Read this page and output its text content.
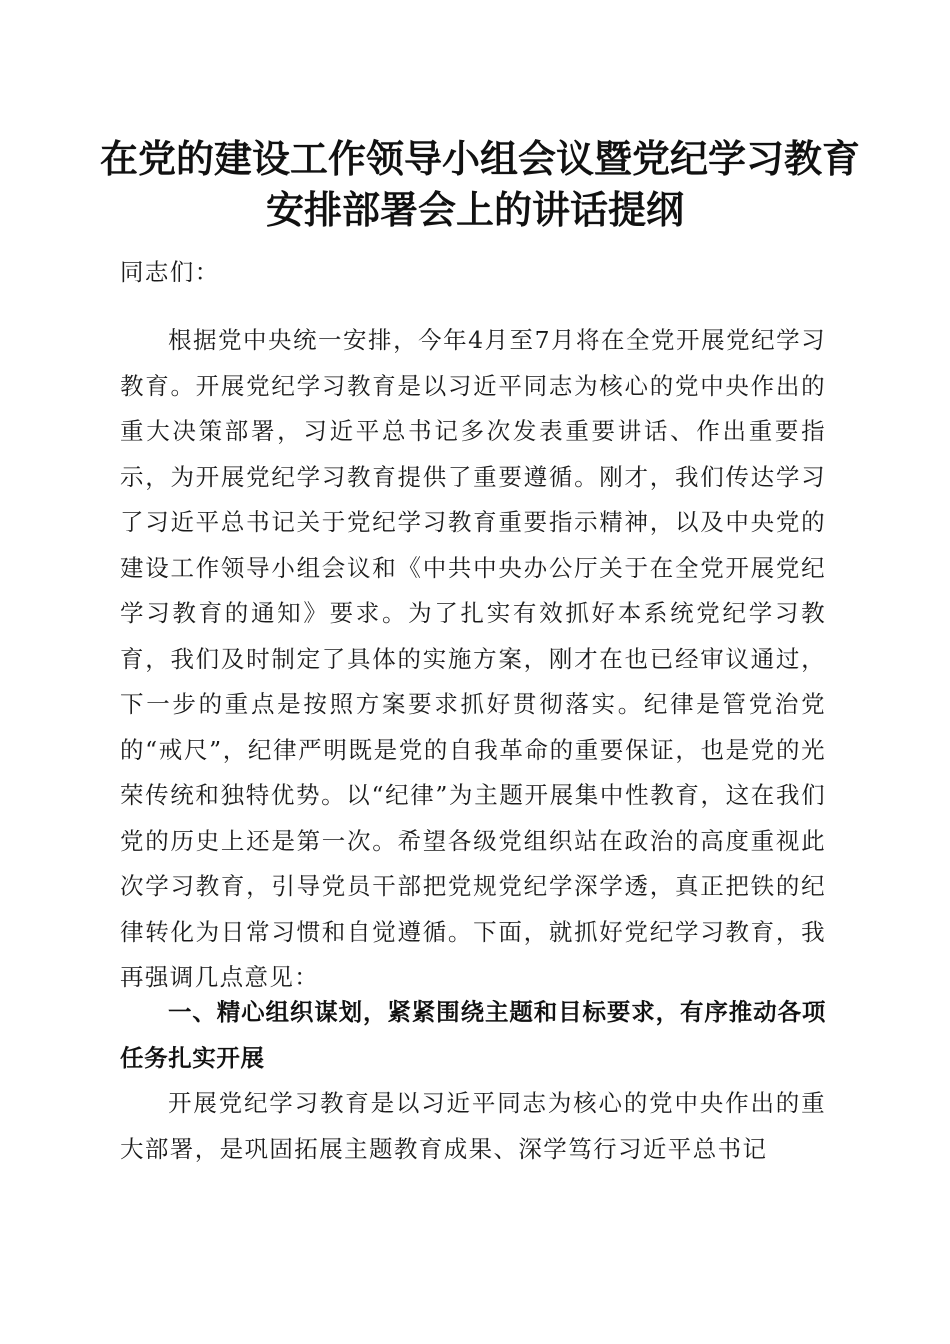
在党的建设工作领导小组会议暨党纪学习教育
安排部署会上的讲话提纲

同志们：

根据党中央统一安排，今年4月至7月将在全党开展党纪学习教育。开展党纪学习教育是以习近平同志为核心的党中央作出的重大决策部署，习近平总书记多次发表重要讲话、作出重要指示，为开展党纪学习教育提供了重要遵循。刚才，我们传达学习了习近平总书记关于党纪学习教育重要指示精神，以及中央党的建设工作领导小组会议和《中共中央办公厅关于在全党开展党纪学习教育的通知》要求。为了扎实有效抓好本系统党纪学习教育，我们及时制定了具体的实施方案，刚才在也已经审议通过，下一步的重点是按照方案要求抓好贯彻落实。纪律是管党治党的“戒尺”，纪律严明既是党的自我革命的重要保证，也是党的光荣传统和独特优势。以“纪律”为主题开展集中性教育，这在我们党的历史上还是第一次。希望各级党组织站在政治的高度重视此次学习教育，引导党员干部把党规党纪学深学透，真正把铁的纪律转化为日常习惯和自觉遵循。下面，就抓好党纪学习教育，我再强调几点意见：

一、精心组织谋划，紧紧围绕主题和目标要求，有序推动各项任务扎实开展

开展党纪学习教育是以习近平同志为核心的党中央作出的重大部署，是巩固拓展主题教育成果、深学笃行习近平总书记
